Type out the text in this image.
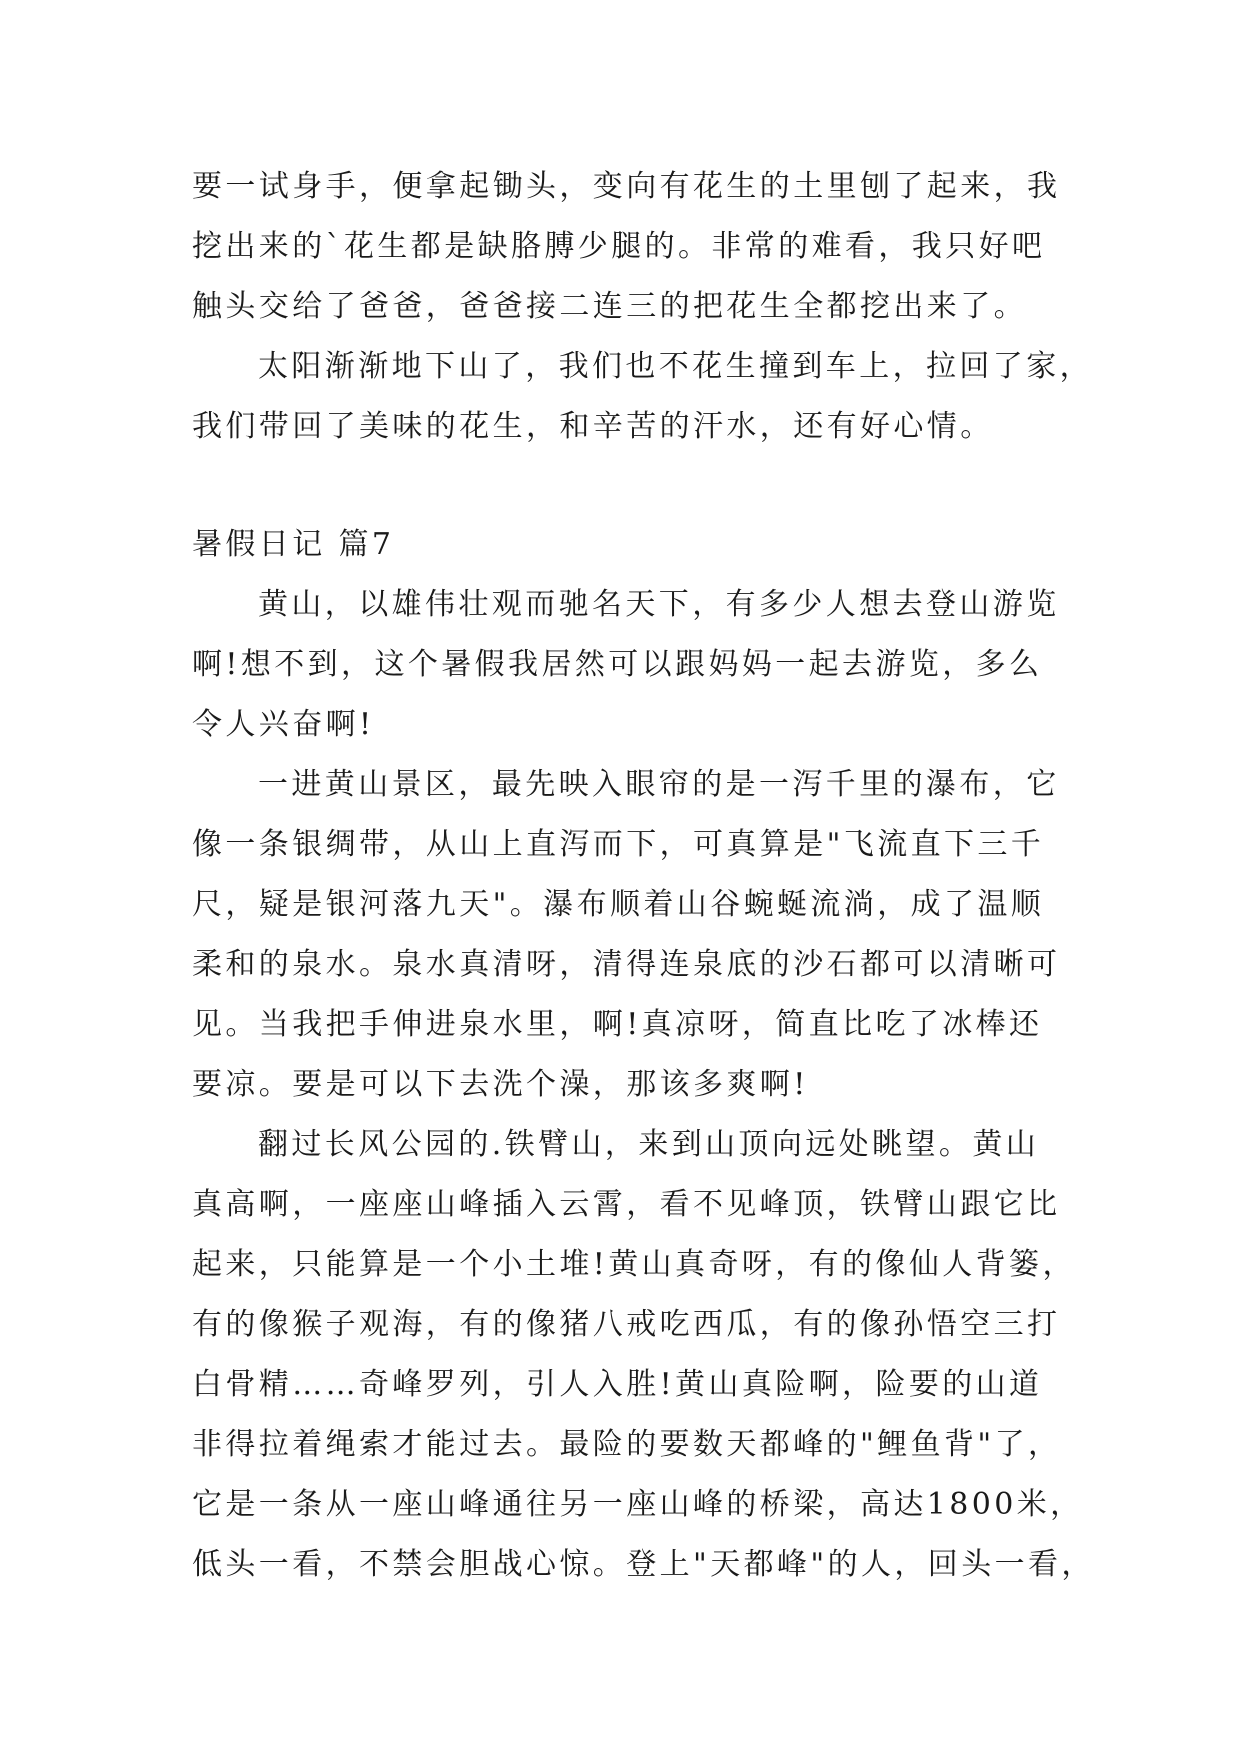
要一试身手，便拿起锄头，变向有花生的土里刨了起来，我
挖出来的`花生都是缺胳膊少腿的。非常的难看，我只好吧
触头交给了爸爸，爸爸接二连三的把花生全都挖出来了。
太阳渐渐地下山了，我们也不花生撞到车上，拉回了家，
我们带回了美味的花生，和辛苦的汗水，还有好心情。
暑假日记 篇7
黄山，以雄伟壮观而驰名天下，有多少人想去登山游览
啊!想不到，这个暑假我居然可以跟妈妈一起去游览，多么
令人兴奋啊!
一进黄山景区，最先映入眼帘的是一泻千里的瀑布，它
像一条银绸带，从山上直泻而下，可真算是"飞流直下三千
尺，疑是银河落九天"。瀑布顺着山谷蜿蜒流淌，成了温顺
柔和的泉水。泉水真清呀，清得连泉底的沙石都可以清晰可
见。当我把手伸进泉水里，啊!真凉呀，简直比吃了冰棒还
要凉。要是可以下去洗个澡，那该多爽啊!
翻过长风公园的.铁臂山，来到山顶向远处眺望。黄山
真高啊，一座座山峰插入云霄，看不见峰顶，铁臂山跟它比
起来，只能算是一个小土堆!黄山真奇呀，有的像仙人背篓，
有的像猴子观海，有的像猪八戒吃西瓜，有的像孙悟空三打
白骨精……奇峰罗列，引人入胜!黄山真险啊，险要的山道
非得拉着绳索才能过去。最险的要数天都峰的"鲤鱼背"了，
它是一条从一座山峰通往另一座山峰的桥梁，高达1800米，
低头一看，不禁会胆战心惊。登上"天都峰"的人，回头一看，
